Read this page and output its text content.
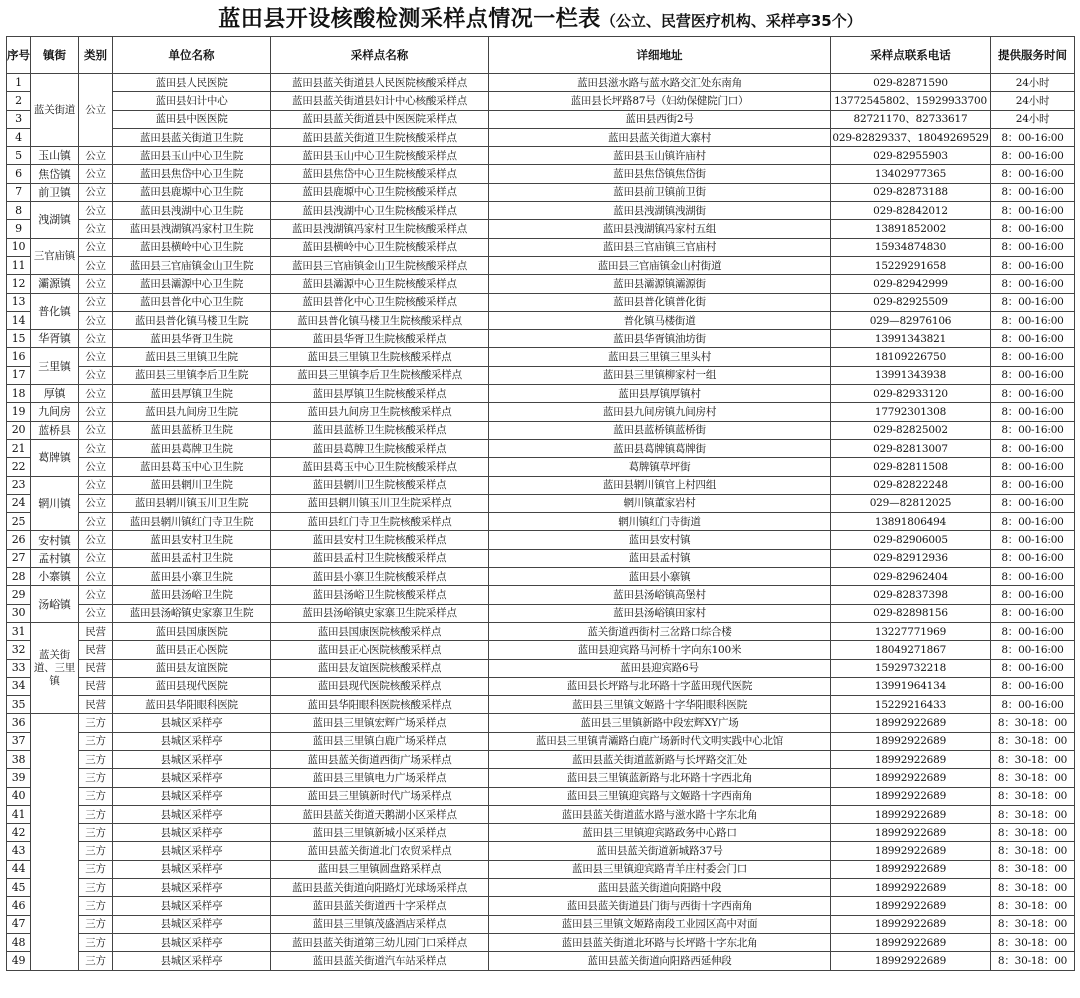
蓝田县开设核酸检测采样点情况一栏表（公立、民营医疗机构、采样亭35个）
序号	镇街	类别	单位名称	采样点名称	详细地址	采样点联系电话	提供服务时间
1	蓝关街道	公立	蓝田县人民医院	蓝田县蓝关街道县人民医院核酸采样点	蓝田县滋水路与蓝水路交汇处东南角	029-82871590	24小时
2			蓝田县妇计中心	蓝田县蓝关街道县妇计中心核酸采样点	蓝田县长坪路87号（妇幼保健院门口）	13772545802、15929933700	24小时
3			蓝田县中医医院	蓝田县蓝关街道县中医医院采样点	蓝田县西街2号	82721170、82733617	24小时
4			蓝田县蓝关街道卫生院	蓝田县蓝关街道卫生院核酸采样点	蓝田县蓝关街道大寨村	029-82829337、18049269529	8：00-16:00
5	玉山镇	公立	蓝田县玉山中心卫生院	蓝田县玉山中心卫生院核酸采样点	蓝田县玉山镇许庙村	029-82955903	8：00-16:00
6	焦岱镇	公立	蓝田县焦岱中心卫生院	蓝田县焦岱中心卫生院核酸采样点	蓝田县焦岱镇焦岱街	13402977365	8：00-16:00
7	前卫镇	公立	蓝田县鹿塬中心卫生院	蓝田县鹿塬中心卫生院核酸采样点	蓝田县前卫镇前卫街	029-82873188	8：00-16:00
8	洩湖镇	公立	蓝田县洩湖中心卫生院	蓝田县洩湖中心卫生院核酸采样点	蓝田县洩湖镇洩湖街	029-82842012	8：00-16:00
9		公立	蓝田县洩湖镇冯家村卫生院	蓝田县洩湖镇冯家村卫生院核酸采样点	蓝田县洩湖镇冯家村五组	13891852002	8：00-16:00
10	三官庙镇	公立	蓝田县横岭中心卫生院	蓝田县横岭中心卫生院核酸采样点	蓝田县三官庙镇三官庙村	15934874830	8：00-16:00
11		公立	蓝田县三官庙镇金山卫生院	蓝田县三官庙镇金山卫生院核酸采样点	蓝田县三官庙镇金山村街道	15229291658	8：00-16:00
12	灞源镇	公立	蓝田县灞源中心卫生院	蓝田县灞源中心卫生院核酸采样点	蓝田县灞源镇灞源街	029-82942999	8：00-16:00
13	普化镇	公立	蓝田县普化中心卫生院	蓝田县普化中心卫生院核酸采样点	蓝田县普化镇普化街	029-82925509	8：00-16:00
14		公立	蓝田县普化镇马楼卫生院	蓝田县普化镇马楼卫生院核酸采样点	普化镇马楼街道	029—82976106	8：00-16:00
15	华胥镇	公立	蓝田县华胥卫生院	蓝田县华胥卫生院核酸采样点	蓝田县华胥镇油坊街	13991343821	8：00-16:00
16	三里镇	公立	蓝田县三里镇卫生院	蓝田县三里镇卫生院核酸采样点	蓝田县三里镇三里头村	18109226750	8：00-16:00
17		公立	蓝田县三里镇李后卫生院	蓝田县三里镇李后卫生院核酸采样点	蓝田县三里镇柳家村一组	13991343938	8：00-16:00
18	厚镇	公立	蓝田县厚镇卫生院	蓝田县厚镇卫生院核酸采样点	蓝田县厚镇厚镇村	029-82933120	8：00-16:00
19	九间房	公立	蓝田县九间房卫生院	蓝田县九间房卫生院核酸采样点	蓝田县九间房镇九间房村	17792301308	8：00-16:00
20	蓝桥县	公立	蓝田县蓝桥卫生院	蓝田县蓝桥卫生院核酸采样点	蓝田县蓝桥镇蓝桥街	029-82825002	8：00-16:00
21	葛牌镇	公立	蓝田县葛牌卫生院	蓝田县葛牌卫生院核酸采样点	蓝田县葛牌镇葛牌街	029-82813007	8：00-16:00
22		公立	蓝田县葛玉中心卫生院	蓝田县葛玉中心卫生院核酸采样点	葛牌镇草坪街	029-82811508	8：00-16:00
23	辋川镇	公立	蓝田县辋川卫生院	蓝田县辋川卫生院核酸采样点	蓝田县辋川镇官上村四组	029-82822248	8：00-16:00
24		公立	蓝田县辋川镇玉川卫生院	蓝田县辋川镇玉川卫生院采样点	辋川镇董家岩村	029—82812025	8：00-16:00
25		公立	蓝田县辋川镇红门寺卫生院	蓝田县红门寺卫生院核酸采样点	辋川镇红门寺街道	13891806494	8：00-16:00
26	安村镇	公立	蓝田县安村卫生院	蓝田县安村卫生院核酸采样点	蓝田县安村镇	029-82906005	8：00-16:00
27	孟村镇	公立	蓝田县孟村卫生院	蓝田县孟村卫生院核酸采样点	蓝田县孟村镇	029-82912936	8：00-16:00
28	小寨镇	公立	蓝田县小寨卫生院	蓝田县小寨卫生院核酸采样点	蓝田县小寨镇	029-82962404	8：00-16:00
29	汤峪镇	公立	蓝田县汤峪卫生院	蓝田县汤峪卫生院核酸采样点	蓝田县汤峪镇高堡村	029-82837398	8：00-16:00
30		公立	蓝田县汤峪镇史家寨卫生院	蓝田县汤峪镇史家寨卫生院采样点	蓝田县汤峪镇田家村	029-82898156	8：00-16:00
31	蓝关街道、三里镇	民营	蓝田县国康医院	蓝田县国康医院核酸采样点	蓝关街道西街村三岔路口综合楼	13227771969	8：00-16:00
32		民营	蓝田县正心医院	蓝田县正心医院核酸采样点	蓝田县迎宾路马河桥十字向东100米	18049271867	8：00-16:00
33		民营	蓝田县友谊医院	蓝田县友谊医院核酸采样点	蓝田县迎宾路6号	15929732218	8：00-16:00
34		民营	蓝田县现代医院	蓝田县现代医院核酸采样点	蓝田县长坪路与北环路十字蓝田现代医院	13991964134	8：00-16:00
35		民营	蓝田县华阳眼科医院	蓝田县华阳眼科医院核酸采样点	蓝田县三里镇文姬路十字华阳眼科医院	15229216433	8：00-16:00
36		三方	县城区采样亭	蓝田县三里镇宏辉广场采样点	蓝田县三里镇新路中段宏辉XY广场	18992922689	8：30-18：00
37		三方	县城区采样亭	蓝田县三里镇白鹿广场采样点	蓝田县三里镇青灞路白鹿广场新时代文明实践中心北馆	18992922689	8：30-18：00
38		三方	县城区采样亭	蓝田县蓝关街道西街广场采样点	蓝田县蓝关街道蓝新路与长坪路交汇处	18992922689	8：30-18：00
39		三方	县城区采样亭	蓝田县三里镇电力广场采样点	蓝田县三里镇蓝新路与北环路十字西北角	18992922689	8：30-18：00
40		三方	县城区采样亭	蓝田县三里镇新时代广场采样点	蓝田县三里镇迎宾路与文姬路十字西南角	18992922689	8：30-18：00
41		三方	县城区采样亭	蓝田县蓝关街道天鹅湖小区采样点	蓝田县蓝关街道蓝水路与滋水路十字东北角	18992922689	8：30-18：00
42		三方	县城区采样亭	蓝田县三里镇新城小区采样点	蓝田县三里镇迎宾路政务中心路口	18992922689	8：30-18：00
43		三方	县城区采样亭	蓝田县蓝关街道北门农贸采样点	蓝田县蓝关街道新城路37号	18992922689	8：30-18：00
44		三方	县城区采样亭	蓝田县三里镇圆盘路采样点	蓝田县三里镇迎宾路青羊庄村委会门口	18992922689	8：30-18：00
45		三方	县城区采样亭	蓝田县蓝关街道向阳路灯光球场采样点	蓝田县蓝关街道向阳路中段	18992922689	8：30-18：00
46		三方	县城区采样亭	蓝田县蓝关街道西十字采样点	蓝田县蓝关街道县门街与西街十字西南角	18992922689	8：30-18：00
47		三方	县城区采样亭	蓝田县三里镇茂盛酒店采样点	蓝田县三里镇文姬路南段工业园区高中对面	18992922689	8：30-18：00
48		三方	县城区采样亭	蓝田县蓝关街道第三幼儿园门口采样点	蓝田县蓝关街道北环路与长坪路十字东北角	18992922689	8：30-18：00
49		三方	县城区采样亭	蓝田县蓝关街道汽车站采样点	蓝田县蓝关街道向阳路西延伸段	18992922689	8：30-18：00
